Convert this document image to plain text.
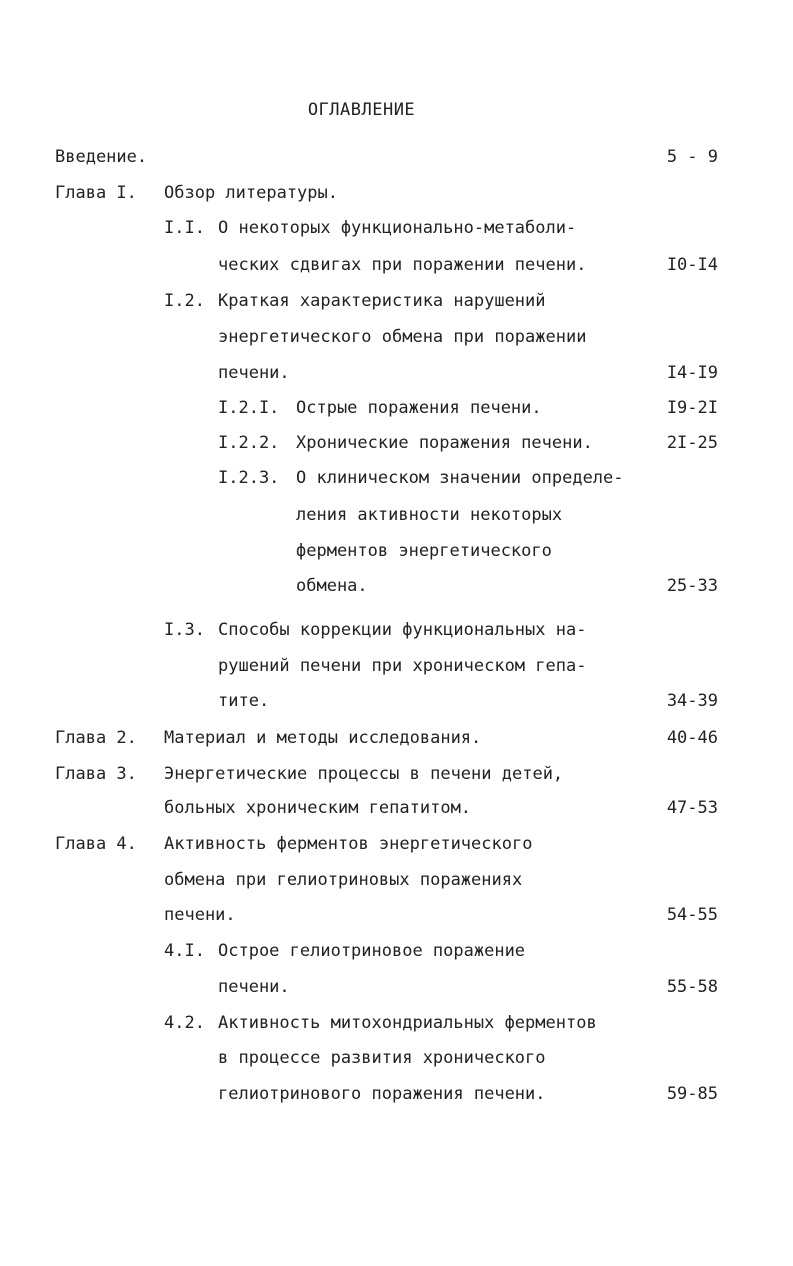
ОГЛАВЛЕНИЕ
Введение.	5 - 9
Глава I. Обзор литературы.
I.I. О некоторых функционально-метаболи-
ческих сдвигах при поражении печени.	I0-I4
I.2. Краткая характеристика нарушений
энергетического обмена при поражении
печени.	I4-I9
I.2.I. Острые поражения печени.	I9-2I
I.2.2. Хронические поражения печени.	2I-25
I.2.3. О клиническом значении определе-
ления активности некоторых
ферментов энергетического
обмена.	25-33
I.3. Способы коррекции функциональных на-
рушений печени при хроническом гепа-
тите.	34-39
Глава 2. Материал и методы исследования.	40-46
Глава 3. Энергетические процессы в печени детей,
больных хроническим гепатитом.	47-53
Глава 4. Активность ферментов энергетического
обмена при гелиотриновых поражениях
печени.	54-55
4.I. Острое гелиотриновое поражение
печени.	55-58
4.2. Активность митохондриальных ферментов
в процессе развития хронического
гелиотринового поражения печени.	59-85
